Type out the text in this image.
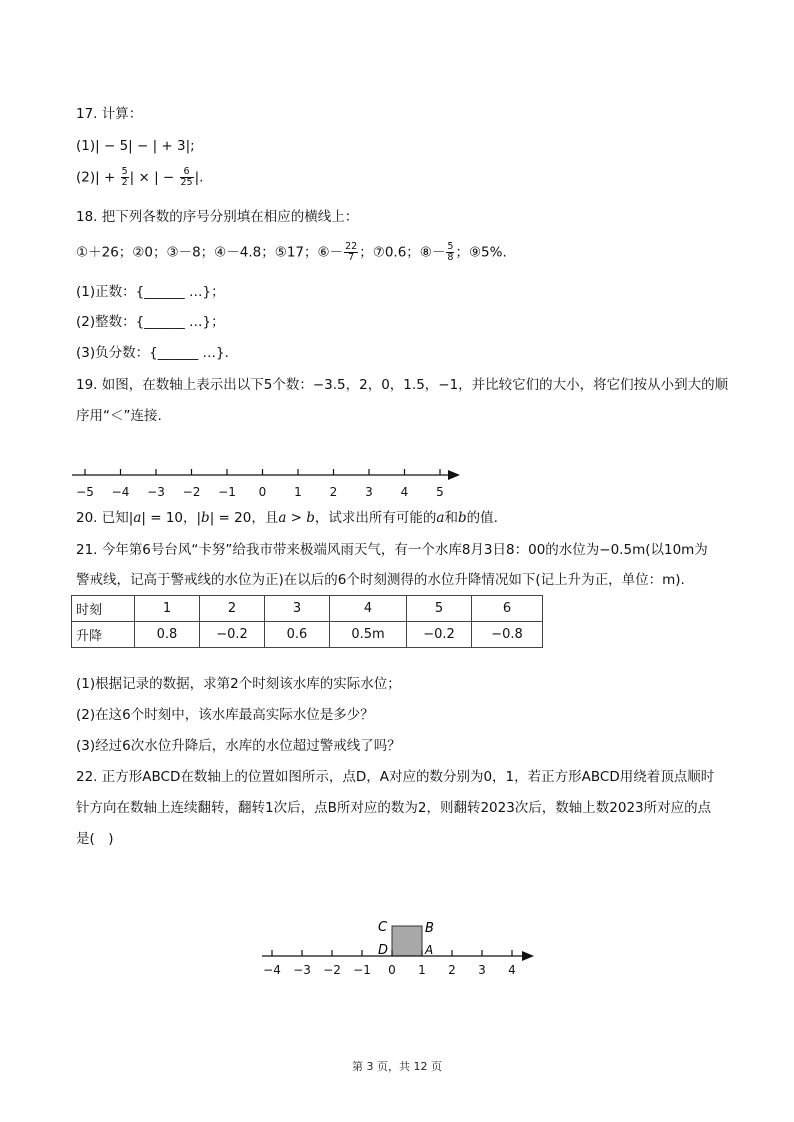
17. 计算：
(1)| − 5| − | + 3|;
$(2)| + \frac{5}{2}$ | × | − $\frac{6}{25}$ |.
18. 把下列各数的序号分别填在相应的横线上：
①＋26；②0；③－8；④－4.8；⑤17；⑥－ $\frac{22}{7}$ ；⑦0.6；⑧－ $\frac{5}{8}$ ；⑨5%.
(1)正数：{______ …}；
(2)整数：{______ …}；
(3)负分数：{______ …}.
19. 如图，在数轴上表示出以下5个数：−3.5，2，0，1.5，−1，并比较它们的大小，将它们按从小到大的顺
序用“＜”连接.
−5 −4 −3 −2 −1 0 1 2 3 4 5
20. 已知|a| = 10，|b| = 20，且a > b，试求出所有可能的a和b的值.
21. 今年第6号台风“卡努”给我市带来极端风雨天气，有一个水库8月3日8：00的水位为−0.5m(以10m为
警戒线，记高于警戒线的水位为正)在以后的6个时刻测得的水位升降情况如下(记上升为正，单位：m).
时刻	1	2	3	4	5	6
升降	0.8	−0.2	0.6	0.5m	−0.2	−0.8
(1)根据记录的数据，求第2个时刻该水库的实际水位；
(2)在这6个时刻中，该水库最高实际水位是多少？
(3)经过6次水位升降后，水库的水位超过警戒线了吗？
22. 正方形ABCD在数轴上的位置如图所示，点D，A对应的数分别为0，1，若正方形ABCD用绕着顶点顺时
针方向在数轴上连续翻转，翻转1次后，点B所对应的数为2，则翻转2023次后，数轴上数2023所对应的点
是(　)
C	B
D	A
−4 −3 −2 −1 0 1 2 3 4
第 3 页，共 12 页
